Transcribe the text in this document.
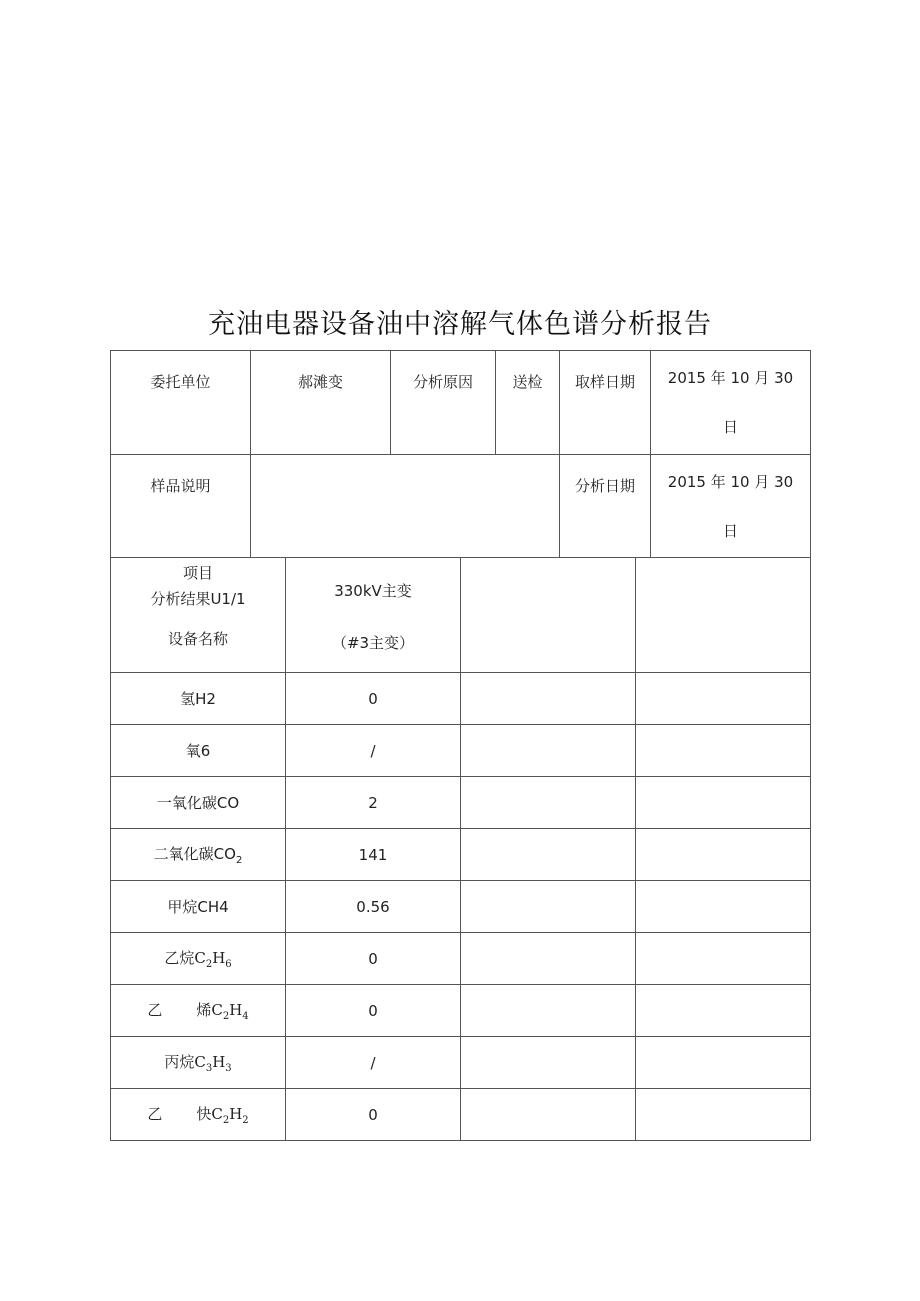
充油电器设备油中溶解气体色谱分析报告
委托单位	郝滩变	分析原因	送检	取样日期	2015 年 10 月 30
日
样品说明				分析日期	2015 年 10 月 30
日
项目
分析结果U1/1
设备名称	330kV主变
（#3主变）		

氢H2	0		
氧6	/		
一氧化碳CO	2		
二氧化碳$CO_2$	141		
甲烷CH4	0.56		
乙烷$C_2H_6$	0		
乙 烯$C_2H_4$	0		
丙烷$C_3H_3$	/		
乙 快$C_2H_2$	0		
